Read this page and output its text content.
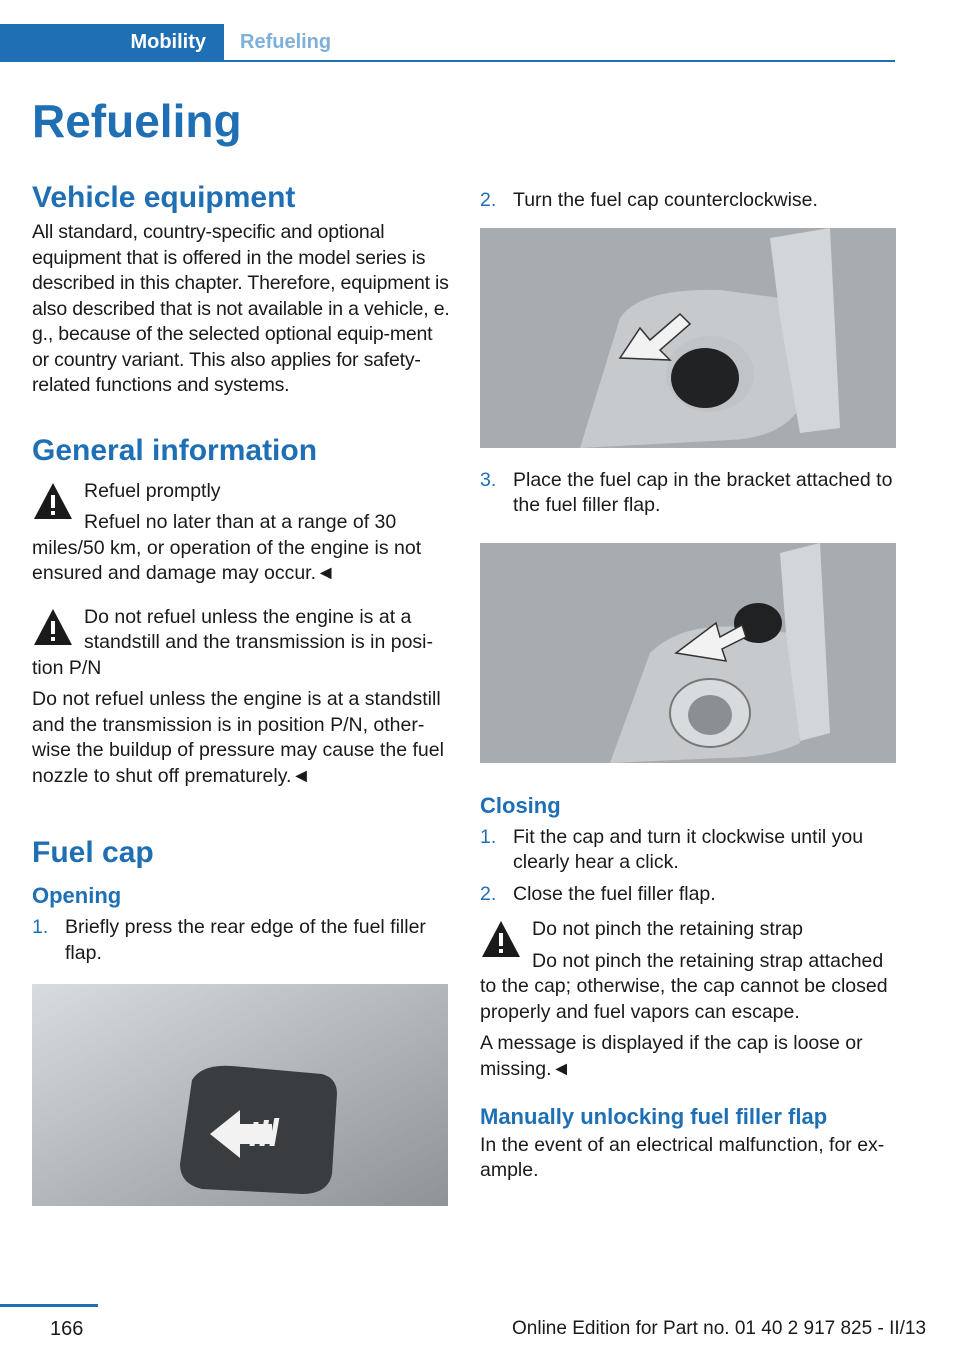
Mobility	Refueling
Refueling
Vehicle equipment

All standard, country-specific and optional equipment that is offered in the model series is described in this chapter. Therefore, equipment is also described that is not available in a vehicle, e. g., because of the selected optional equip-ment or country variant. This also applies for safety-related functions and systems.

General information

Refuel promptly

Refuel no later than at a range of 30 miles/50 km, or operation of the engine is not ensured and damage may occur.◄

Do not refuel unless the engine is at a standstill and the transmission is in posi-tion P/N

Do not refuel unless the engine is at a standstill and the transmission is in position P/N, other-wise the buildup of pressure may cause the fuel nozzle to shut off prematurely.◄

Fuel cap
Opening
1. Briefly press the rear edge of the fuel filler flap.
2. Turn the fuel cap counterclockwise.
3. Place the fuel cap in the bracket attached to the fuel filler flap.
Closing
1. Fit the cap and turn it clockwise until you clearly hear a click.
2. Close the fuel filler flap.

Do not pinch the retaining strap

Do not pinch the retaining strap attached to the cap; otherwise, the cap cannot be closed properly and fuel vapors can escape.

A message is displayed if the cap is loose or missing.◄

Manually unlocking fuel filler flap

In the event of an electrical malfunction, for ex-ample.

166	Online Edition for Part no. 01 40 2 917 825 - II/13
